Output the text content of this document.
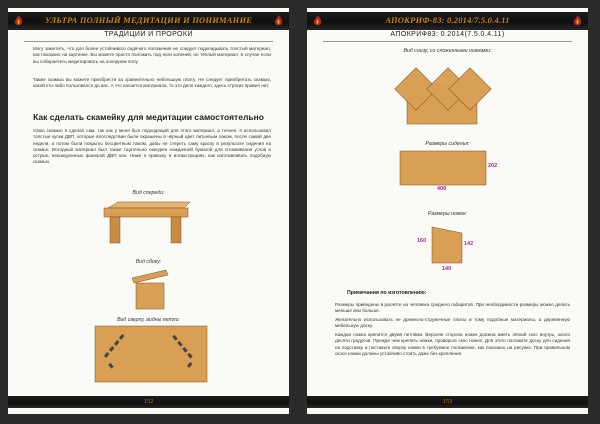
УЛЬТРА ПОЛНЫЙ МЕДИТАЦИИ И ПОНИМАНИЕ
ТРАДИЦИИ И ПРОРОКИ
Могу заметить, что для более устойчивого сидячего положения не следует подкладывать толстый материал, как показано на картинке. Вы можете просто положить под ноги коленей, но тёплый материал, в случае если вы собираетесь медитировать на холодном полу.
Также скамью вы можете приобрести за сравнительно небольшую плату. Не следует приобретать скамью, какой кто-либо пользовался до вас. А что касается материала, то это дело каждого, здесь строгих правил нет.
Как сделать скамейку для медитации самостоятельно
Свою скамью я сделал сам, так как у меня был подходящий для этого материал, а точнее, я использовал толстые куски ДВП, которые впоследствии были окрашены в чёрный цвет литьевым лаком, после самой две недели, а потом были покрыты бесцветным лаком, дабы не стереть саму краску в результате сидения на скамье. Исходный материал был также тщательно ошкурен наждачной бумагой для сглаживания углов и острых, неошкуренных фанерой ДВП кон. Ниже я привожу в иллюстрациях, как изготавливать подобную скамью.
Вид спереди:
Вид сбоку:
Вид сверху, видны петли:
152
АПОКРИФ-83: 0.2014/7.5.0.4.11
АПОКРИФ83: 0.2014(7.5.0.4.11)
Вид снизу, со сложенными ножками:
Размеры сиденья:
408
202
Размеры ножек:
160	142
140
Примечания по изготовлению:
Размеры приведены в расчёте на человека среднего габаритов. При необходимости размеры можно делать меньше или больше.
Желательно использовать не древесно-стружечные плиты и тому подобные материалы, а деревянную мебельную доску.
Каждая ножка крепится двумя петлями. Верхняя сторона ножек должна иметь лёгкий скос внутрь, около десяти градусов. Прежде чем крепить ножки, проверьте скос ножек. Для этого положите доску для сидения на подставку и поставьте сверху ножки в требуемое положение, как показано на рисунке. При правильном скосе ножки должны устойчиво стоять даже без крепления.
153
